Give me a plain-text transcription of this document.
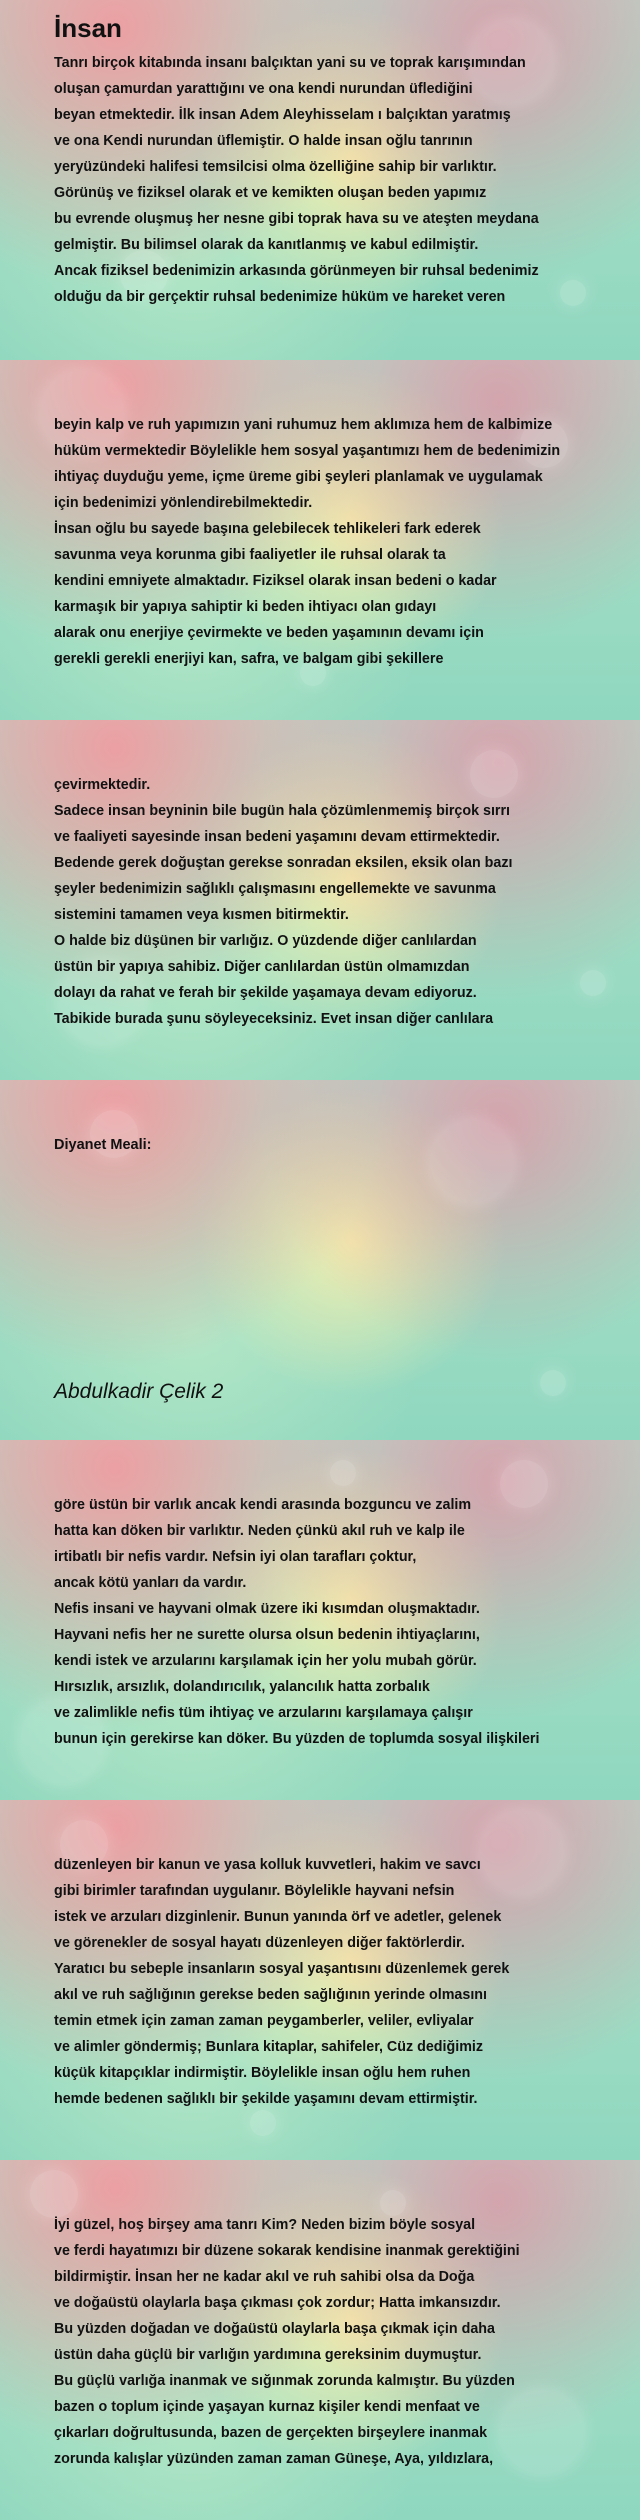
İnsan
Tanrı birçok kitabında insanı balçıktan yani su ve toprak karışımından
oluşan çamurdan yarattığını ve ona kendi nurundan üflediğini
beyan etmektedir. İlk insan Adem Aleyhisselam ı balçıktan yaratmış
ve ona Kendi nurundan üflemiştir. O halde insan oğlu tanrının
yeryüzündeki halifesi temsilcisi olma özelliğine sahip bir varlıktır.
Görünüş ve fiziksel olarak et ve kemikten oluşan beden yapımız
bu evrende oluşmuş her nesne gibi toprak hava su ve ateşten meydana
gelmiştir. Bu bilimsel olarak da kanıtlanmış ve kabul edilmiştir.
Ancak fiziksel bedenimizin arkasında görünmeyen bir ruhsal bedenimiz
olduğu da bir gerçektir ruhsal bedenimize hüküm ve hareket veren
beyin kalp ve ruh yapımızın yani ruhumuz hem aklımıza hem de kalbimize
hüküm vermektedir Böylelikle hem sosyal yaşantımızı hem de bedenimizin
ihtiyaç duyduğu yeme, içme üreme gibi şeyleri planlamak ve uygulamak
için bedenimizi yönlendirebilmektedir.
İnsan oğlu bu sayede başına gelebilecek tehlikeleri fark ederek
savunma veya korunma gibi faaliyetler ile ruhsal olarak ta
kendini emniyete almaktadır. Fiziksel olarak insan bedeni o kadar
karmaşık bir yapıya sahiptir ki beden ihtiyacı olan gıdayı
alarak onu enerjiye çevirmekte ve beden yaşamının devamı için
gerekli gerekli enerjiyi kan, safra, ve balgam gibi şekillere
çevirmektedir.
Sadece insan beyninin bile bugün hala çözümlenmemiş birçok sırrı
ve faaliyeti sayesinde insan bedeni yaşamını devam ettirmektedir.
Bedende gerek doğuştan gerekse sonradan eksilen, eksik olan bazı
şeyler bedenimizin sağlıklı çalışmasını engellemekte ve savunma
sistemini tamamen veya kısmen bitirmektir.
O halde biz düşünen bir varlığız. O yüzdende diğer canlılardan
üstün bir yapıya sahibiz. Diğer canlılardan üstün olmamızdan
dolayı da rahat ve ferah bir şekilde yaşamaya devam ediyoruz.
Tabikide burada şunu söyleyeceksiniz. Evet insan diğer canlılara
Diyanet Meali:
Abdulkadir Çelik 2
göre üstün bir varlık ancak kendi arasında bozguncu ve zalim
hatta kan döken bir varlıktır. Neden çünkü akıl ruh ve kalp ile
irtibatlı bir nefis vardır. Nefsin iyi olan tarafları çoktur,
ancak kötü yanları da vardır.
Nefis insani ve hayvani olmak üzere iki kısımdan oluşmaktadır.
Hayvani nefis her ne surette olursa olsun bedenin ihtiyaçlarını,
kendi istek ve arzularını karşılamak için her yolu mubah görür.
Hırsızlık, arsızlık, dolandırıcılık, yalancılık hatta zorbalık
ve zalimlikle nefis tüm ihtiyaç ve arzularını karşılamaya çalışır
bunun için gerekirse kan döker. Bu yüzden de toplumda sosyal ilişkileri
düzenleyen bir kanun ve yasa kolluk kuvvetleri, hakim ve savcı
gibi birimler tarafından uygulanır. Böylelikle hayvani nefsin
istek ve arzuları dizginlenir. Bunun yanında örf ve adetler, gelenek
ve görenekler de sosyal hayatı düzenleyen diğer faktörlerdir.
Yaratıcı bu sebeple insanların sosyal yaşantısını düzenlemek gerek
akıl ve ruh sağlığının gerekse beden sağlığının yerinde olmasını
temin etmek için zaman zaman peygamberler, veliler, evliyalar
ve alimler göndermiş; Bunlara kitaplar, sahifeler, Cüz dediğimiz
küçük kitapçıklar indirmiştir. Böylelikle insan oğlu hem ruhen
hemde bedenen sağlıklı bir şekilde yaşamını devam ettirmiştir.
İyi güzel, hoş birşey ama tanrı Kim? Neden bizim böyle sosyal
ve ferdi hayatımızı bir düzene sokarak kendisine inanmak gerektiğini
bildirmiştir. İnsan her ne kadar akıl ve ruh sahibi olsa da Doğa
ve doğaüstü olaylarla başa çıkması çok zordur; Hatta imkansızdır.
Bu yüzden doğadan ve doğaüstü olaylarla başa çıkmak için daha
üstün daha güçlü bir varlığın yardımına gereksinim duymuştur.
Bu güçlü varlığa inanmak ve sığınmak zorunda kalmıştır. Bu yüzden
bazen o toplum içinde yaşayan kurnaz kişiler kendi menfaat ve
çıkarları doğrultusunda, bazen de gerçekten birşeylere inanmak
zorunda kalışlar yüzünden zaman zaman Güneşe, Aya, yıldızlara,
